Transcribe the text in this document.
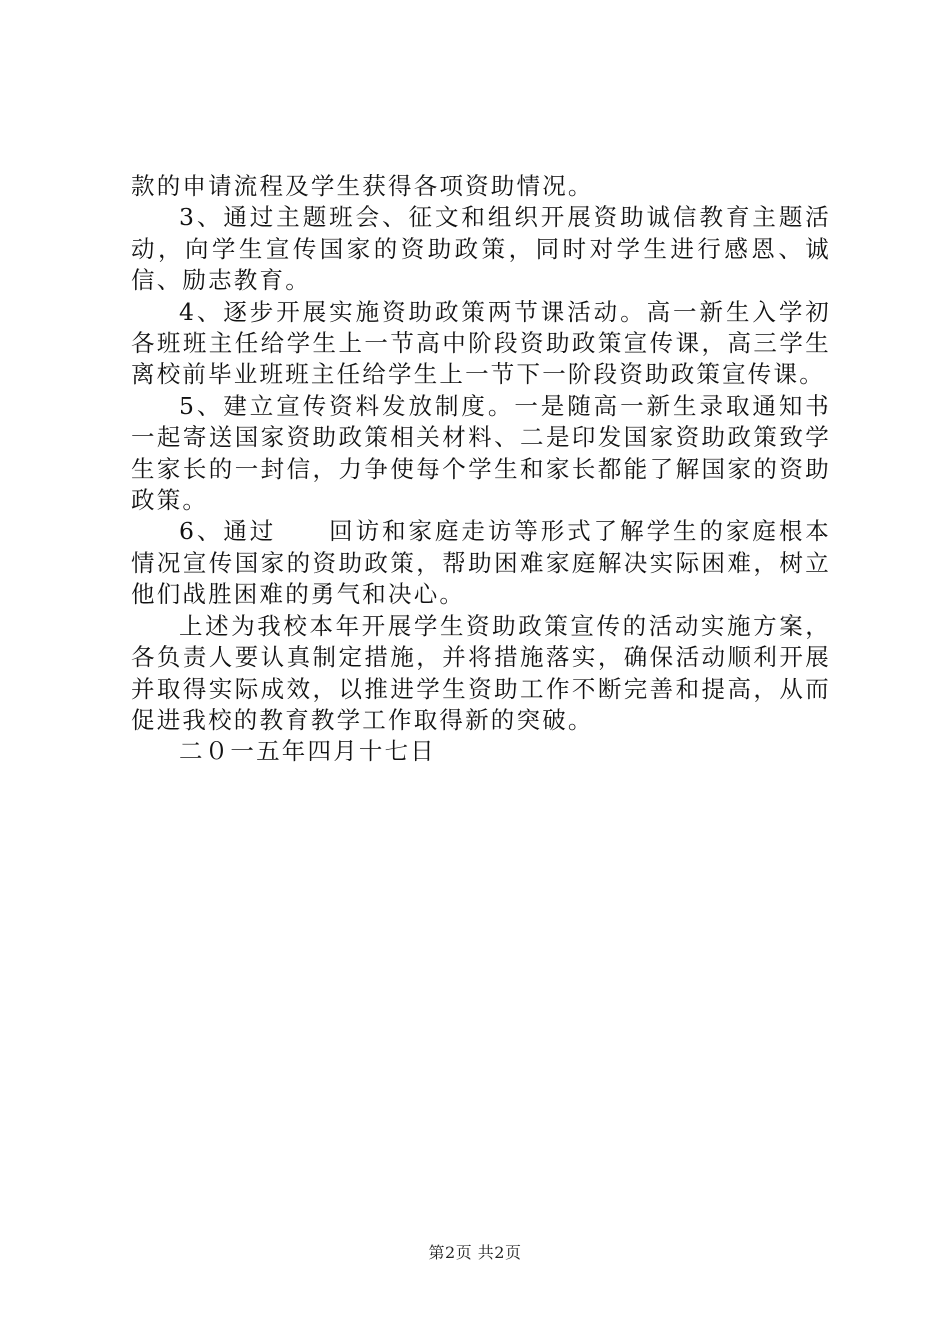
款的申请流程及学生获得各项资助情况。

3、通过主题班会、征文和组织开展资助诚信教育主题活动，向学生宣传国家的资助政策，同时对学生进行感恩、诚信、励志教育。

4、逐步开展实施资助政策两节课活动。高一新生入学初各班班主任给学生上一节高中阶段资助政策宣传课，高三学生离校前毕业班班主任给学生上一节下一阶段资助政策宣传课。

5、建立宣传资料发放制度。一是随高一新生录取通知书一起寄送国家资助政策相关材料、二是印发国家资助政策致学生家长的一封信，力争使每个学生和家长都能了解国家的资助政策。

6、通过　　回访和家庭走访等形式了解学生的家庭根本情况宣传国家的资助政策，帮助困难家庭解决实际困难，树立他们战胜困难的勇气和决心。

上述为我校本年开展学生资助政策宣传的活动实施方案，各负责人要认真制定措施，并将措施落实，确保活动顺利开展并取得实际成效，以推进学生资助工作不断完善和提高，从而促进我校的教育教学工作取得新的突破。

二０一五年四月十七日

第2页 共2页
